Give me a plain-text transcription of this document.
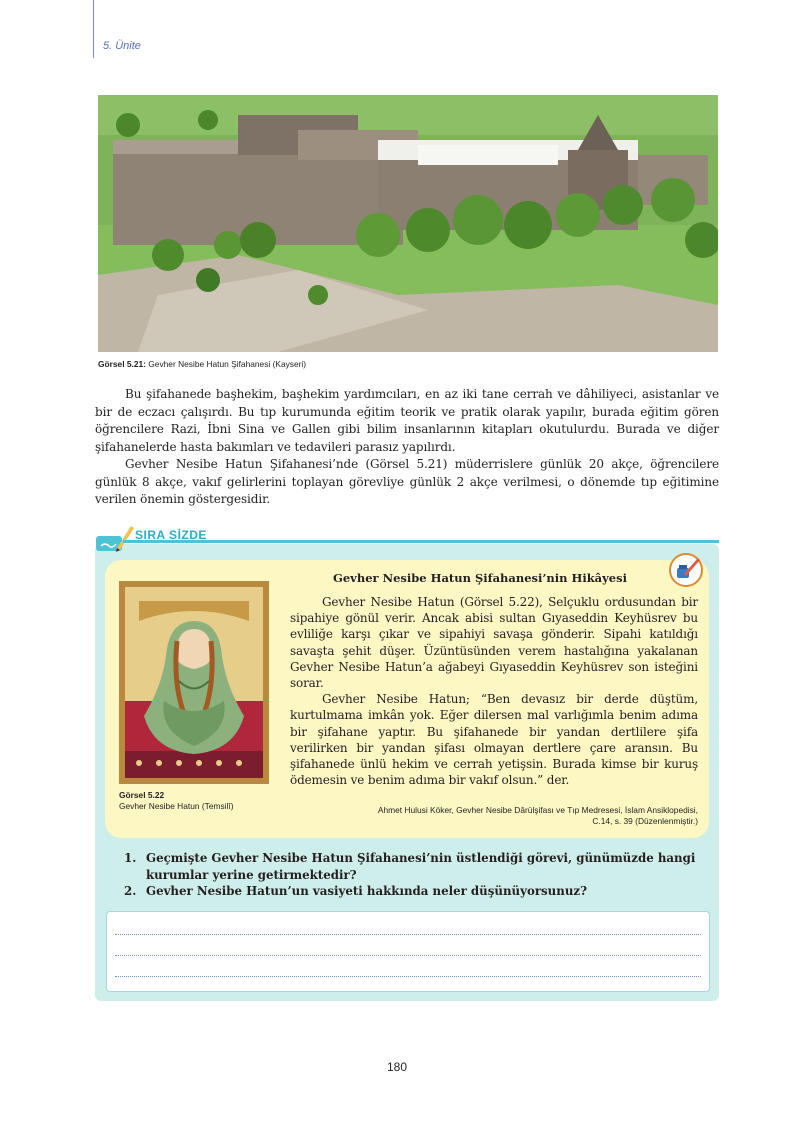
5. Ünite
Görsel 5.21: Gevher Nesibe Hatun Şifahanesi (Kayseri)

Bu şifahanede başhekim, başhekim yardımcıları, en az iki tane cerrah ve dâhiliyeci, asistanlar ve bir de eczacı çalışırdı. Bu tıp kurumunda eğitim teorik ve pratik olarak yapılır, burada eğitim gören öğrencilere Razi, İbni Sina ve Gallen gibi bilim insanlarının kitapları okutulurdu. Burada ve diğer şifahanelerde hasta bakımları ve tedavileri parasız yapılırdı.

Gevher Nesibe Hatun Şifahanesi’nde (Görsel 5.21) müderrislere günlük 20 akçe, öğrencilere günlük 8 akçe, vakıf gelirlerini toplayan görevliye günlük 2 akçe verilmesi, o dönemde tıp eğitimine verilen önemin göstergesidir.

SIRA SİZDE
Görsel 5.22
Gevher Nesibe Hatun (Temsilî)
Gevher Nesibe Hatun Şifahanesi’nin Hikâyesi

Gevher Nesibe Hatun (Görsel 5.22), Selçuklu ordusundan bir sipahiye gönül verir. Ancak abisi sultan Gıyaseddin Keyhüsrev bu evliliğe karşı çıkar ve sipahiyi savaşa gönderir. Sipahi katıldığı savaşta şehit düşer. Üzüntüsünden verem hastalığına yakalanan Gevher Nesibe Hatun’a ağabeyi Gıyaseddin Keyhüsrev son isteğini sorar.

Gevher Nesibe Hatun; “Ben devasız bir derde düştüm, kurtulmama imkân yok. Eğer dilersen mal varlığımla benim adıma bir şifahane yaptır. Bu şifahanede bir yandan dertlilere şifa verilirken bir yandan şifası olmayan dertlere çare aransın. Bu şifahanede ünlü hekim ve cerrah yetişsin. Burada kimse bir kuruş ödemesin ve benim adıma bir vakıf olsun.” der.

Ahmet Hulusi Köker, Gevher Nesibe Dârülşifası ve Tıp Medresesi, İslam Ansiklopedisi,
C.14, s. 39 (Düzenlenmiştir.)
1. Geçmişte Gevher Nesibe Hatun Şifahanesi’nin üstlendiği görevi, günümüzde hangi kurumlar yerine getirmektedir?
2. Gevher Nesibe Hatun’un vasiyeti hakkında neler düşünüyorsunuz?
180
